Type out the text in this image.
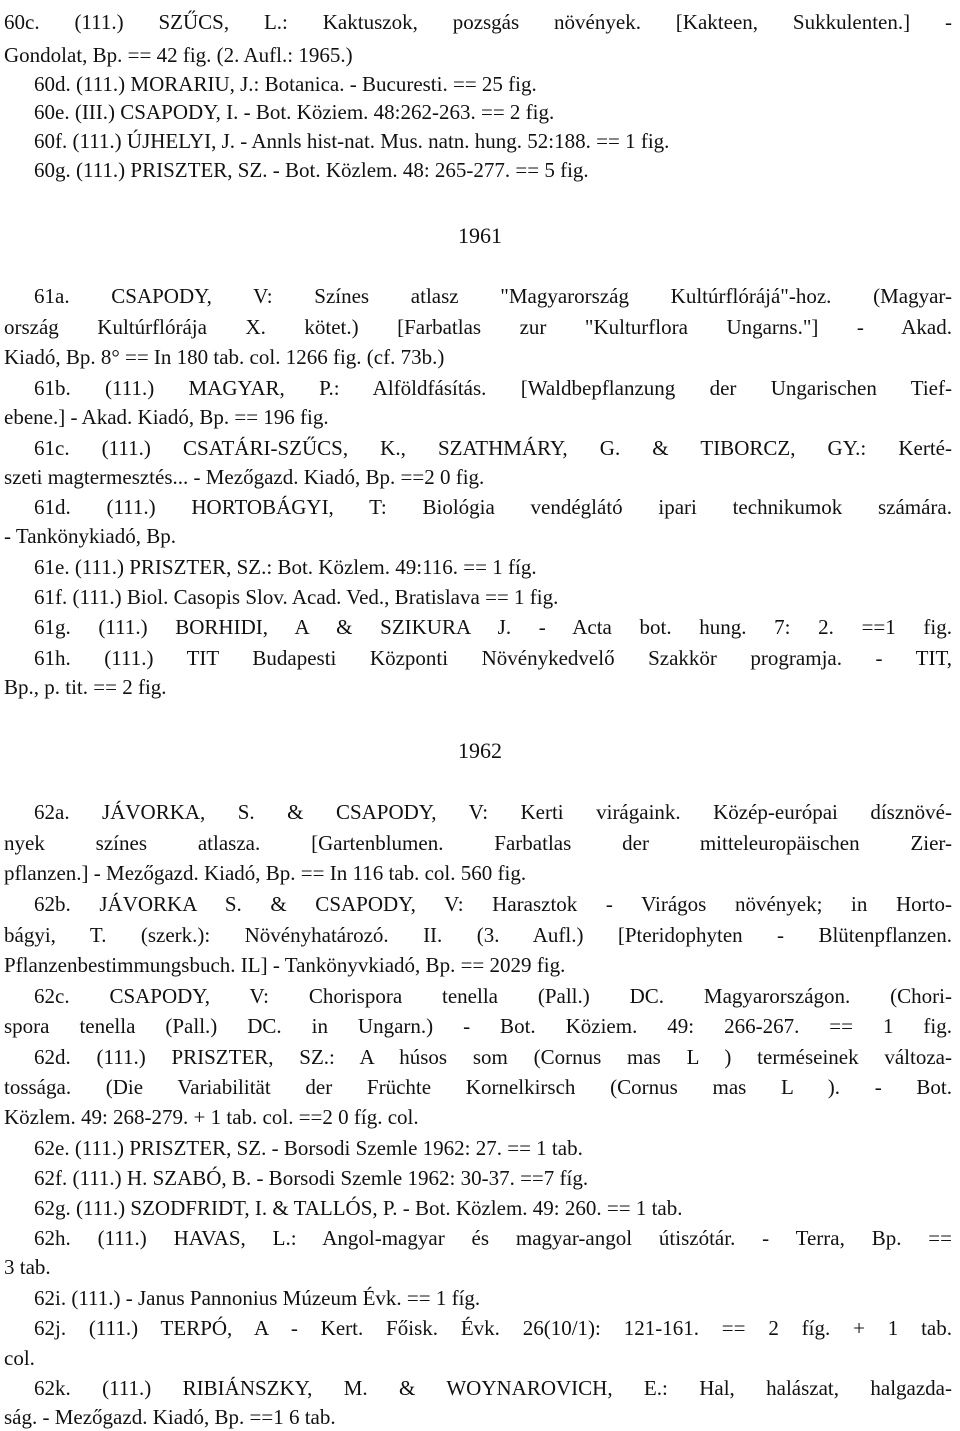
60c. (111.) SZŰCS, L.: Kaktuszok, pozsgás növények. [Kakteen, Sukkulenten.] -
Gondolat, Bp. == 42 fig. (2. Aufl.: 1965.)
60d. (111.) MORARIU, J.: Botanica. - Bucuresti. == 25 fig.
60e. (III.) CSAPODY, I. - Bot. Köziem. 48:262-263. == 2 fig.
60f. (111.) ÚJHELYI, J. - Annls hist-nat. Mus. natn. hung. 52:188. == 1 fig.
60g. (111.) PRISZTER, SZ. - Bot. Közlem. 48: 265-277. == 5 fig.
1961
61a. CSAPODY, V: Színes atlasz "Magyarország Kultúrflórájá"-hoz. (Magyar-
ország Kultúrflórája X. kötet.) [Farbatlas zur "Kulturflora Ungarns."] - Akad.
Kiadó, Bp. 8° == In 180 tab. col. 1266 fig. (cf. 73b.)
61b. (111.) MAGYAR, P.: Alföldfásítás. [Waldbepflanzung der Ungarischen Tief-
ebene.] - Akad. Kiadó, Bp. == 196 fig.
61c. (111.) CSATÁRI-SZŰCS, K., SZATHMÁRY, G. & TIBORCZ, GY.: Kerté-
szeti magtermesztés... - Mezőgazd. Kiadó, Bp. ==2 0 fig.
61d. (111.) HORTOBÁGYI, T: Biológia vendéglátó ipari technikumok számára.
- Tankönykiadó, Bp.
61e. (111.) PRISZTER, SZ.: Bot. Közlem. 49:116. == 1 fíg.
61f. (111.) Biol. Casopis Slov. Acad. Ved., Bratislava == 1 fig.
61g. (111.) BORHIDI, A & SZIKURA J. - Acta bot. hung. 7: 2. ==1 fig.
61h. (111.) TIT Budapesti Központi Növénykedvelő Szakkör programja. - TIT,
Bp., p. tit. == 2 fig.
1962
62a. JÁVORKA, S. & CSAPODY, V: Kerti virágaink. Közép-európai dísznövé-
nyek színes atlasza. [Gartenblumen. Farbatlas der mitteleuropäischen Zier-
pflanzen.] - Mezőgazd. Kiadó, Bp. == In 116 tab. col. 560 fig.
62b. JÁVORKA S. & CSAPODY, V: Harasztok - Virágos növények; in Horto-
bágyi, T. (szerk.): Növényhatározó. II. (3. Aufl.) [Pteridophyten - Blütenpflanzen.
Pflanzenbestimmungsbuch. IL] - Tankönyvkiadó, Bp. == 2029 fig.
62c. CSAPODY, V: Chorispora tenella (Pall.) DC. Magyarországon. (Chori-
spora tenella (Pall.) DC. in Ungarn.) - Bot. Köziem. 49: 266-267. == 1 fig.
62d. (111.) PRISZTER, SZ.: A húsos som (Cornus mas L ) terméseinek változa-
tossága. (Die Variabilität der Früchte Kornelkirsch (Cornus mas L ). - Bot.
Közlem. 49: 268-279. + 1 tab. col. ==2 0 fíg. col.
62e. (111.) PRISZTER, SZ. - Borsodi Szemle 1962: 27. == 1 tab.
62f. (111.) H. SZABÓ, B. - Borsodi Szemle 1962: 30-37. ==7 fíg.
62g. (111.) SZODFRIDT, I. & TALLÓS, P. - Bot. Közlem. 49: 260. == 1 tab.
62h. (111.) HAVAS, L.: Angol-magyar és magyar-angol útiszótár. - Terra, Bp. ==
3 tab.
62i. (111.) - Janus Pannonius Múzeum Évk. == 1 fíg.
62j. (111.) TERPÓ, A - Kert. Főisk. Évk. 26(10/1): 121-161. == 2 fíg. + 1 tab.
col.
62k. (111.) RIBIÁNSZKY, M. & WOYNAROVICH, E.: Hal, halászat, halgazda-
ság. - Mezőgazd. Kiadó, Bp. ==1 6 tab.
